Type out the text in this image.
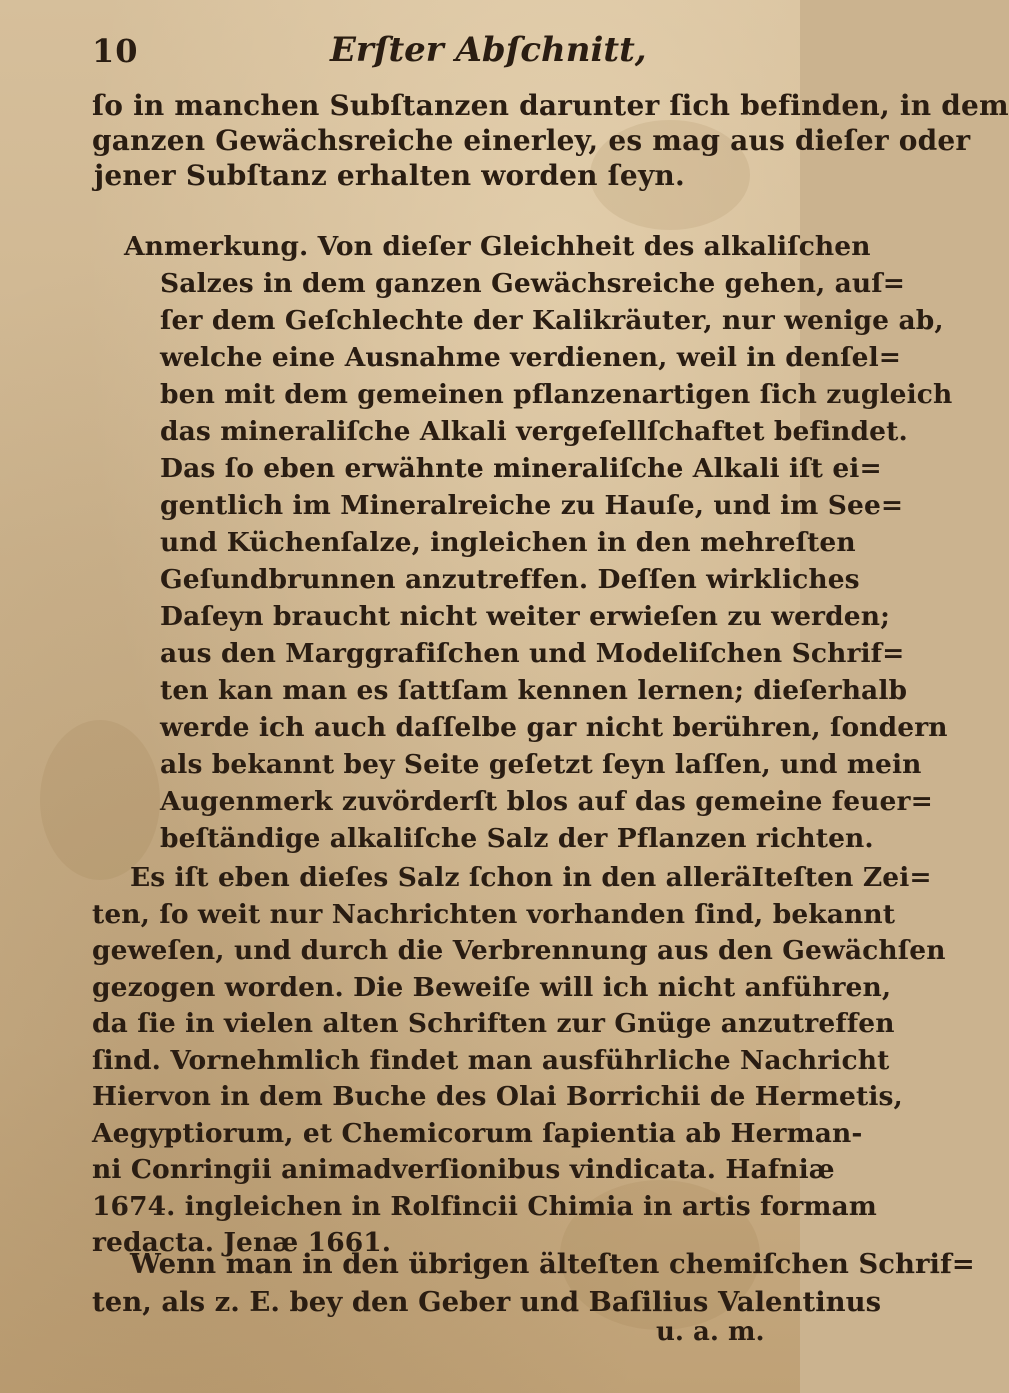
10	Erſter Abſchnitt,
ſo in manchen Subſtanzen darunter ſich befinden, in dem
ganzen Gewächsreiche einerley, es mag aus dieſer oder
jener Subſtanz erhalten worden ſeyn.
Anmerkung. Von dieſer Gleichheit des alkaliſchen
Salzes in dem ganzen Gewächsreiche gehen, auſ=
ſer dem Geſchlechte der Kalikräuter, nur wenige ab,
welche eine Ausnahme verdienen, weil in denſel=
ben mit dem gemeinen pflanzenartigen ſich zugleich
das mineraliſche Alkali vergeſellſchaftet befindet.
Das ſo eben erwähnte mineraliſche Alkali iſt ei=
gentlich im Mineralreiche zu Hauſe, und im See=
und Küchenſalze, ingleichen in den mehreſten
Geſundbrunnen anzutreffen. Deſſen wirkliches
Daſeyn braucht nicht weiter erwieſen zu werden;
aus den Marggrafiſchen und Modeliſchen Schrif=
ten kan man es ſattſam kennen lernen; dieſerhalb
werde ich auch daſſelbe gar nicht berühren, ſondern
als bekannt bey Seite geſetzt ſeyn laſſen, und mein
Augenmerk zuvörderſt blos auf das gemeine feuer=
beſtändige alkaliſche Salz der Pflanzen richten.
Es iſt eben dieſes Salz ſchon in den alleräIteſten Zei=
ten, ſo weit nur Nachrichten vorhanden ſind, bekannt
geweſen, und durch die Verbrennung aus den Gewächſen
gezogen worden. Die Beweiſe will ich nicht anführen,
da ſie in vielen alten Schriften zur Gnüge anzutreffen
ſind. Vornehmlich findet man ausführliche Nachricht
Hiervon in dem Buche des Olai Borrichii de Hermetis,
Aegyptiorum, et Chemicorum ſapientia ab Herman-
ni Conringii animadverſionibus vindicata. Hafniæ
1674. ingleichen in Rolfincii Chimia in artis formam
redacta. Jenæ 1661.
Wenn man in den übrigen älteſten chemiſchen Schrif=
ten, als z. E. bey den Geber und Baſilius Valentinus
u. a. m.
